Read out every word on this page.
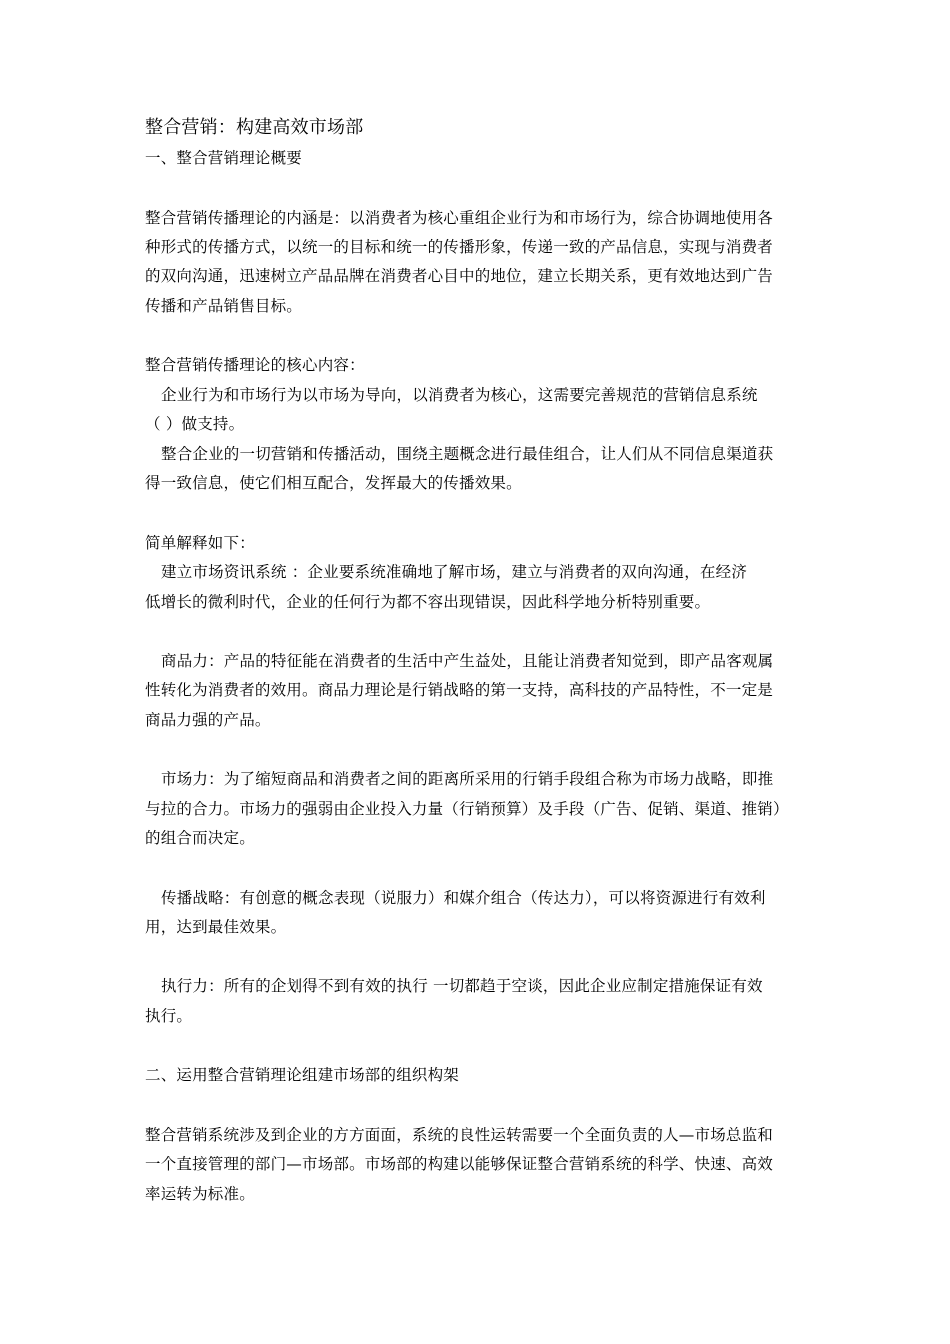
整合营销：构建高效市场部
一、整合营销理论概要
整合营销传播理论的内涵是：以消费者为核心重组企业行为和市场行为，综合协调地使用各
种形式的传播方式，以统一的目标和统一的传播形象，传递一致的产品信息，实现与消费者
的双向沟通，迅速树立产品品牌在消费者心目中的地位，建立长期关系，更有效地达到广告
传播和产品销售目标。
整合营销传播理论的核心内容：
企业行为和市场行为以市场为导向，以消费者为核心，这需要完善规范的营销信息系统
（ ）做支持。
整合企业的一切营销和传播活动，围绕主题概念进行最佳组合，让人们从不同信息渠道获
得一致信息，使它们相互配合，发挥最大的传播效果。
简单解释如下：
建立市场资讯系统 ：企业要系统准确地了解市场，建立与消费者的双向沟通，在经济
低增长的微利时代，企业的任何行为都不容出现错误，因此科学地分析特别重要。
商品力：产品的特征能在消费者的生活中产生益处，且能让消费者知觉到，即产品客观属
性转化为消费者的效用。商品力理论是行销战略的第一支持，高科技的产品特性，不一定是
商品力强的产品。
市场力：为了缩短商品和消费者之间的距离所采用的行销手段组合称为市场力战略，即推
与拉的合力。市场力的强弱由企业投入力量（行销预算）及手段（广告、促销、渠道、推销）
的组合而决定。
传播战略：有创意的概念表现（说服力）和媒介组合（传达力），可以将资源进行有效利
用，达到最佳效果。
执行力：所有的企划得不到有效的执行 一切都趋于空谈，因此企业应制定措施保证有效
执行。
二、运用整合营销理论组建市场部的组织构架
整合营销系统涉及到企业的方方面面，系统的良性运转需要一个全面负责的人—市场总监和
一个直接管理的部门—市场部。市场部的构建以能够保证整合营销系统的科学、快速、高效
率运转为标准。
